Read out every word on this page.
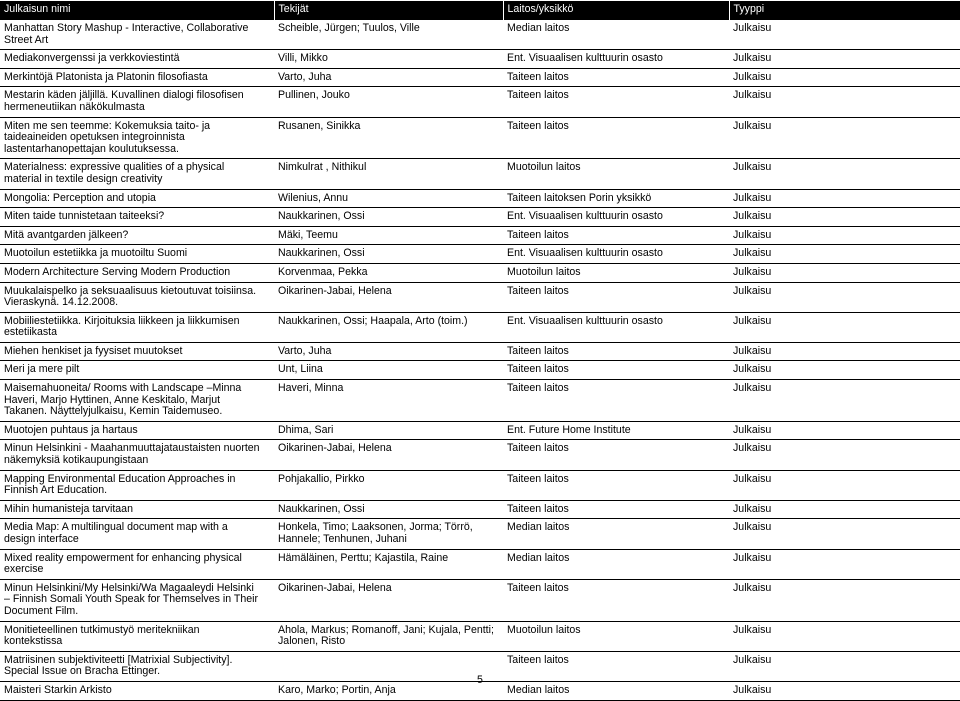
Julkaisun nimi	Tekijät	Laitos/yksikkö	Tyyppi
Manhattan Story Mashup - Interactive, Collaborative Street Art	Scheible, Jürgen; Tuulos, Ville	Median laitos	Julkaisu
Mediakonvergenssi ja verkkoviestintä	Villi, Mikko	Ent. Visuaalisen kulttuurin osasto	Julkaisu
Merkintöjä Platonista ja Platonin filosofiasta	Varto, Juha	Taiteen laitos	Julkaisu
Mestarin käden jäljillä. Kuvallinen dialogi filosofisen hermeneutiikan näkökulmasta	Pullinen, Jouko	Taiteen laitos	Julkaisu
Miten me sen teemme: Kokemuksia taito- ja taideaineiden opetuksen integroinnista lastentarhanopettajan koulutuksessa.	Rusanen, Sinikka	Taiteen laitos	Julkaisu
Materialness: expressive qualities of a physical material in textile design creativity	Nimkulrat , Nithikul	Muotoilun laitos	Julkaisu
Mongolia: Perception and utopia	Wilenius, Annu	Taiteen laitoksen Porin yksikkö	Julkaisu
Miten taide tunnistetaan taiteeksi?	Naukkarinen, Ossi	Ent. Visuaalisen kulttuurin osasto	Julkaisu
Mitä avantgarden jälkeen?	Mäki, Teemu	Taiteen laitos	Julkaisu
Muotoilun estetiikka ja muotoiltu Suomi	Naukkarinen, Ossi	Ent. Visuaalisen kulttuurin osasto	Julkaisu
Modern Architecture Serving Modern Production	Korvenmaa, Pekka	Muotoilun laitos	Julkaisu
Muukalaispelko ja seksuaalisuus kietoutuvat toisiinsa. Vieraskynä. 14.12.2008.	Oikarinen-Jabai, Helena	Taiteen laitos	Julkaisu
Mobiiliestetiikka. Kirjoituksia liikkeen ja liikkumisen estetiikasta	Naukkarinen, Ossi; Haapala, Arto (toim.)	Ent. Visuaalisen kulttuurin osasto	Julkaisu
Miehen henkiset ja fyysiset muutokset	Varto, Juha	Taiteen laitos	Julkaisu
Meri ja mere pilt	Unt, Liina	Taiteen laitos	Julkaisu
Maisemahuoneita/ Rooms with Landscape –Minna Haveri, Marjo Hyttinen, Anne Keskitalo, Marjut Takanen. Näyttelyjulkaisu, Kemin Taidemuseo.	Haveri, Minna	Taiteen laitos	Julkaisu
Muotojen puhtaus ja hartaus	Dhima, Sari	Ent. Future Home Institute	Julkaisu
Minun Helsinkini - Maahanmuuttajataustaisten nuorten näkemyksiä kotikaupungistaan	Oikarinen-Jabai, Helena	Taiteen laitos	Julkaisu
Mapping Environmental Education Approaches in Finnish Art Education.	Pohjakallio, Pirkko	Taiteen laitos	Julkaisu
Mihin humanisteja tarvitaan	Naukkarinen, Ossi	Taiteen laitos	Julkaisu
Media Map: A multilingual document map with a design interface	Honkela, Timo; Laaksonen, Jorma; Törrö, Hannele; Tenhunen, Juhani	Median laitos	Julkaisu
Mixed reality empowerment for enhancing physical exercise	Hämäläinen, Perttu; Kajastila, Raine	Median laitos	Julkaisu
Minun Helsinkini/My Helsinki/Wa Magaaleydi Helsinki – Finnish Somali Youth Speak for Themselves in Their Document Film.	Oikarinen-Jabai, Helena	Taiteen laitos	Julkaisu
Monitieteellinen tutkimustyö meritekniikan kontekstissa	Ahola, Markus; Romanoff, Jani; Kujala, Pentti; Jalonen, Risto	Muotoilun laitos	Julkaisu
Matriisinen subjektiviteetti [Matrixial Subjectivity]. Special Issue on Bracha Ettinger.		Taiteen laitos	Julkaisu
Maisteri Starkin Arkisto	Karo, Marko; Portin, Anja	Median laitos	Julkaisu
5
